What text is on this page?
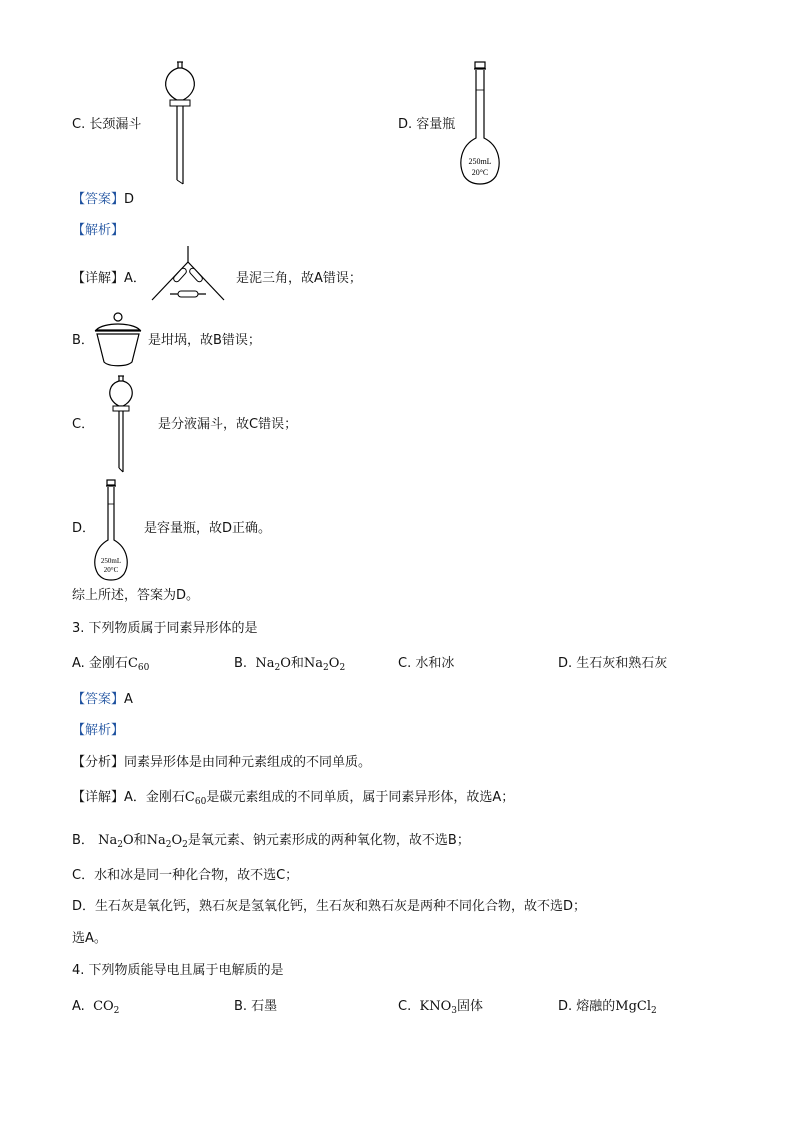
C. 长颈漏斗	D. 容量瓶
250mL
20°C
【答案】D
【解析】
【详解】A．	是泥三角，故A错误；
B．	是坩埚，故B错误；
C．	是分液漏斗，故C错误；
D．
250mL
20°C
是容量瓶，故D正确。
综上所述，答案为D。
3. 下列物质属于同素异形体的是
A. 金刚石$C_{60}$	B. $Na_2O$和$Na_2O_2$	C. 水和冰	D. 生石灰和熟石灰
【答案】A
【解析】
【分析】同素异形体是由同种元素组成的不同单质。
【详解】A．金刚石$C_{60}$是碳元素组成的不同单质，属于同素异形体，故选A；
B． $Na_2O$和$Na_2O_2$是氧元素、钠元素形成的两种氧化物，故不选B；
C．水和冰是同一种化合物，故不选C；
D．生石灰是氧化钙，熟石灰是氢氧化钙，生石灰和熟石灰是两种不同化合物，故不选D；
选A。
4. 下列物质能导电且属于电解质的是
A. $CO_2$	B. 石墨	C. $KNO_3$固体	D. 熔融的MgCl$_2$
